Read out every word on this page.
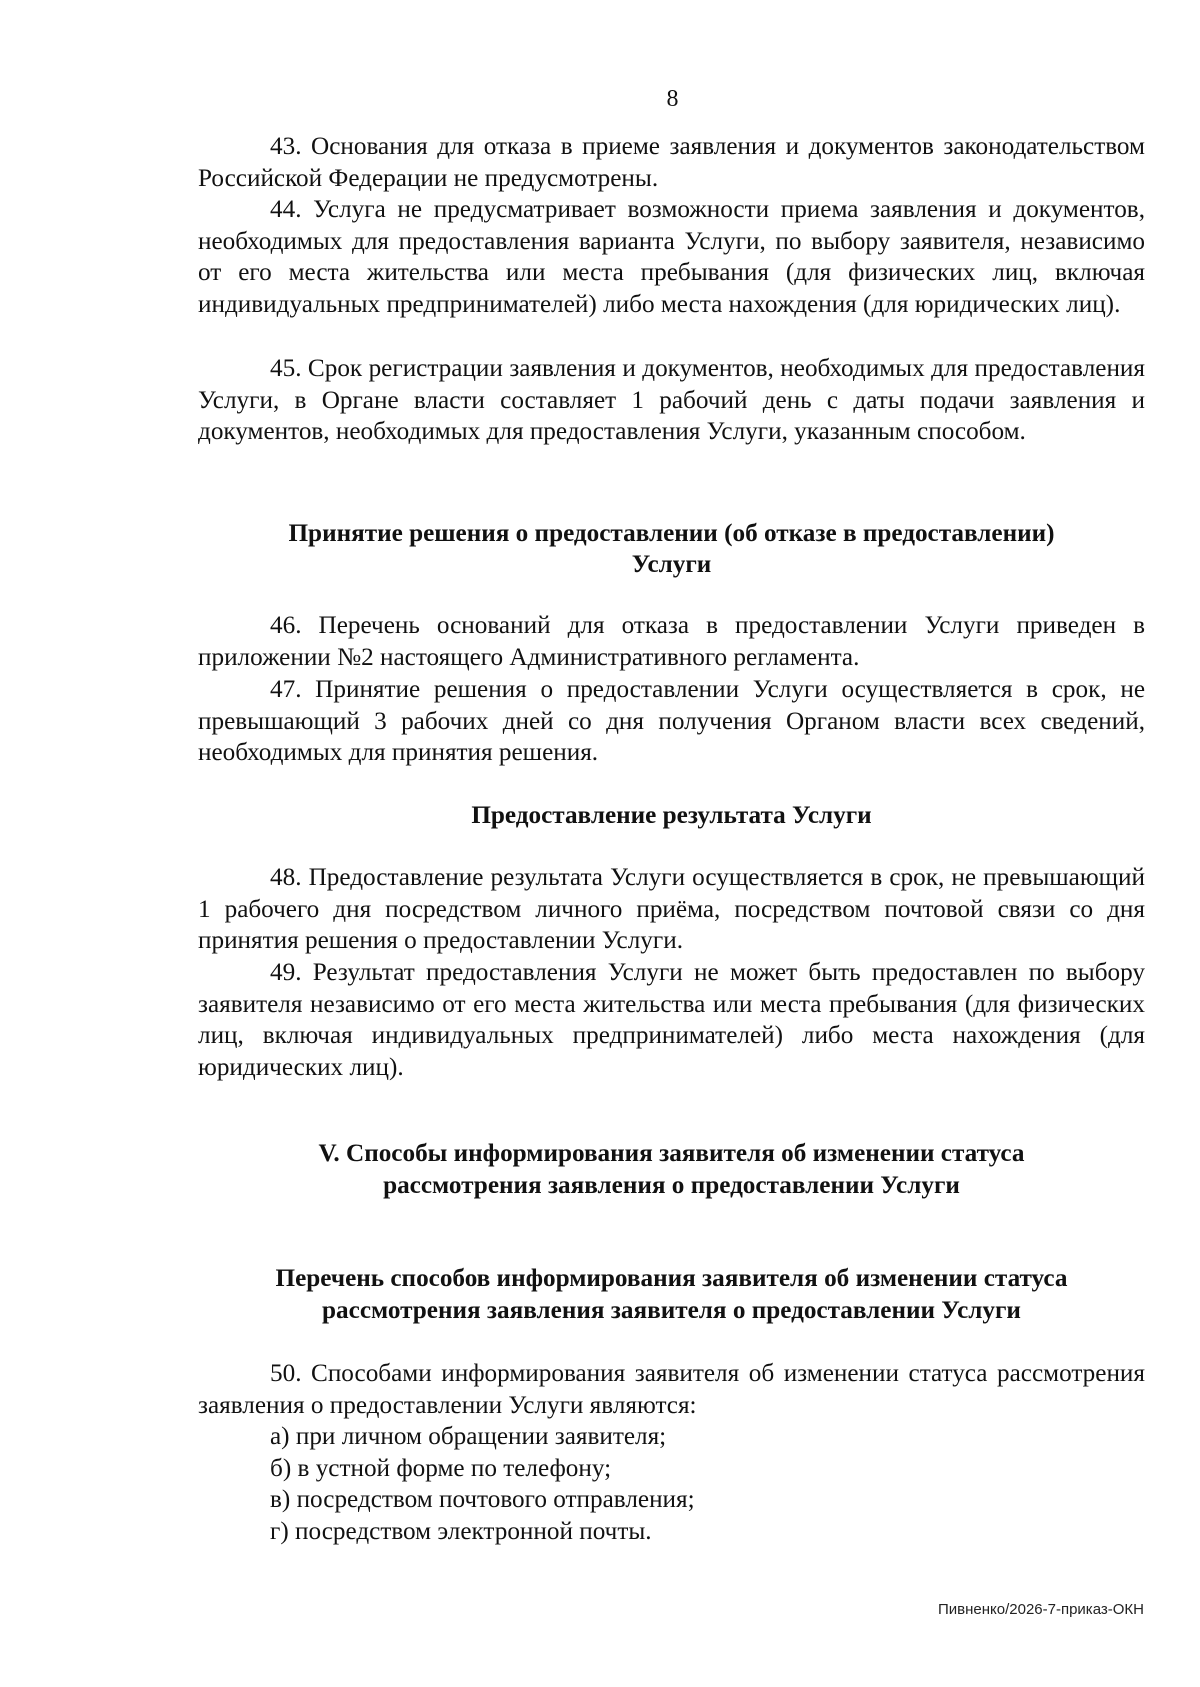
8
43. Основания для отказа в приеме заявления и документов законодательством Российской Федерации не предусмотрены.
44. Услуга не предусматривает возможности приема заявления и документов, необходимых для предоставления варианта Услуги, по выбору заявителя, независимо от его места жительства или места пребывания (для физических лиц, включая индивидуальных предпринимателей) либо места нахождения (для юридических лиц).
45. Срок регистрации заявления и документов, необходимых для предоставления Услуги, в Органе власти составляет 1 рабочий день с даты подачи заявления и документов, необходимых для предоставления Услуги, указанным способом.
Принятие решения о предоставлении (об отказе в предоставлении)
Услуги
46. Перечень оснований для отказа в предоставлении Услуги приведен в приложении №2 настоящего Административного регламента.
47. Принятие решения о предоставлении Услуги осуществляется в срок, не превышающий 3 рабочих дней со дня получения Органом власти всех сведений, необходимых для принятия решения.
Предоставление результата Услуги
48. Предоставление результата Услуги осуществляется в срок, не превышающий 1 рабочего дня посредством личного приёма, посредством почтовой связи со дня принятия решения о предоставлении Услуги.
49. Результат предоставления Услуги не может быть предоставлен по выбору заявителя независимо от его места жительства или места пребывания (для физических лиц, включая индивидуальных предпринимателей) либо места нахождения (для юридических лиц).
V. Способы информирования заявителя об изменении статуса
рассмотрения заявления о предоставлении Услуги
Перечень способов информирования заявителя об изменении статуса
рассмотрения заявления заявителя о предоставлении Услуги
50. Способами информирования заявителя об изменении статуса рассмотрения заявления о предоставлении Услуги являются:
а) при личном обращении заявителя;
б) в устной форме по телефону;
в) посредством почтового отправления;
г) посредством электронной почты.
Пивненко/2026-7-приказ-ОКН
